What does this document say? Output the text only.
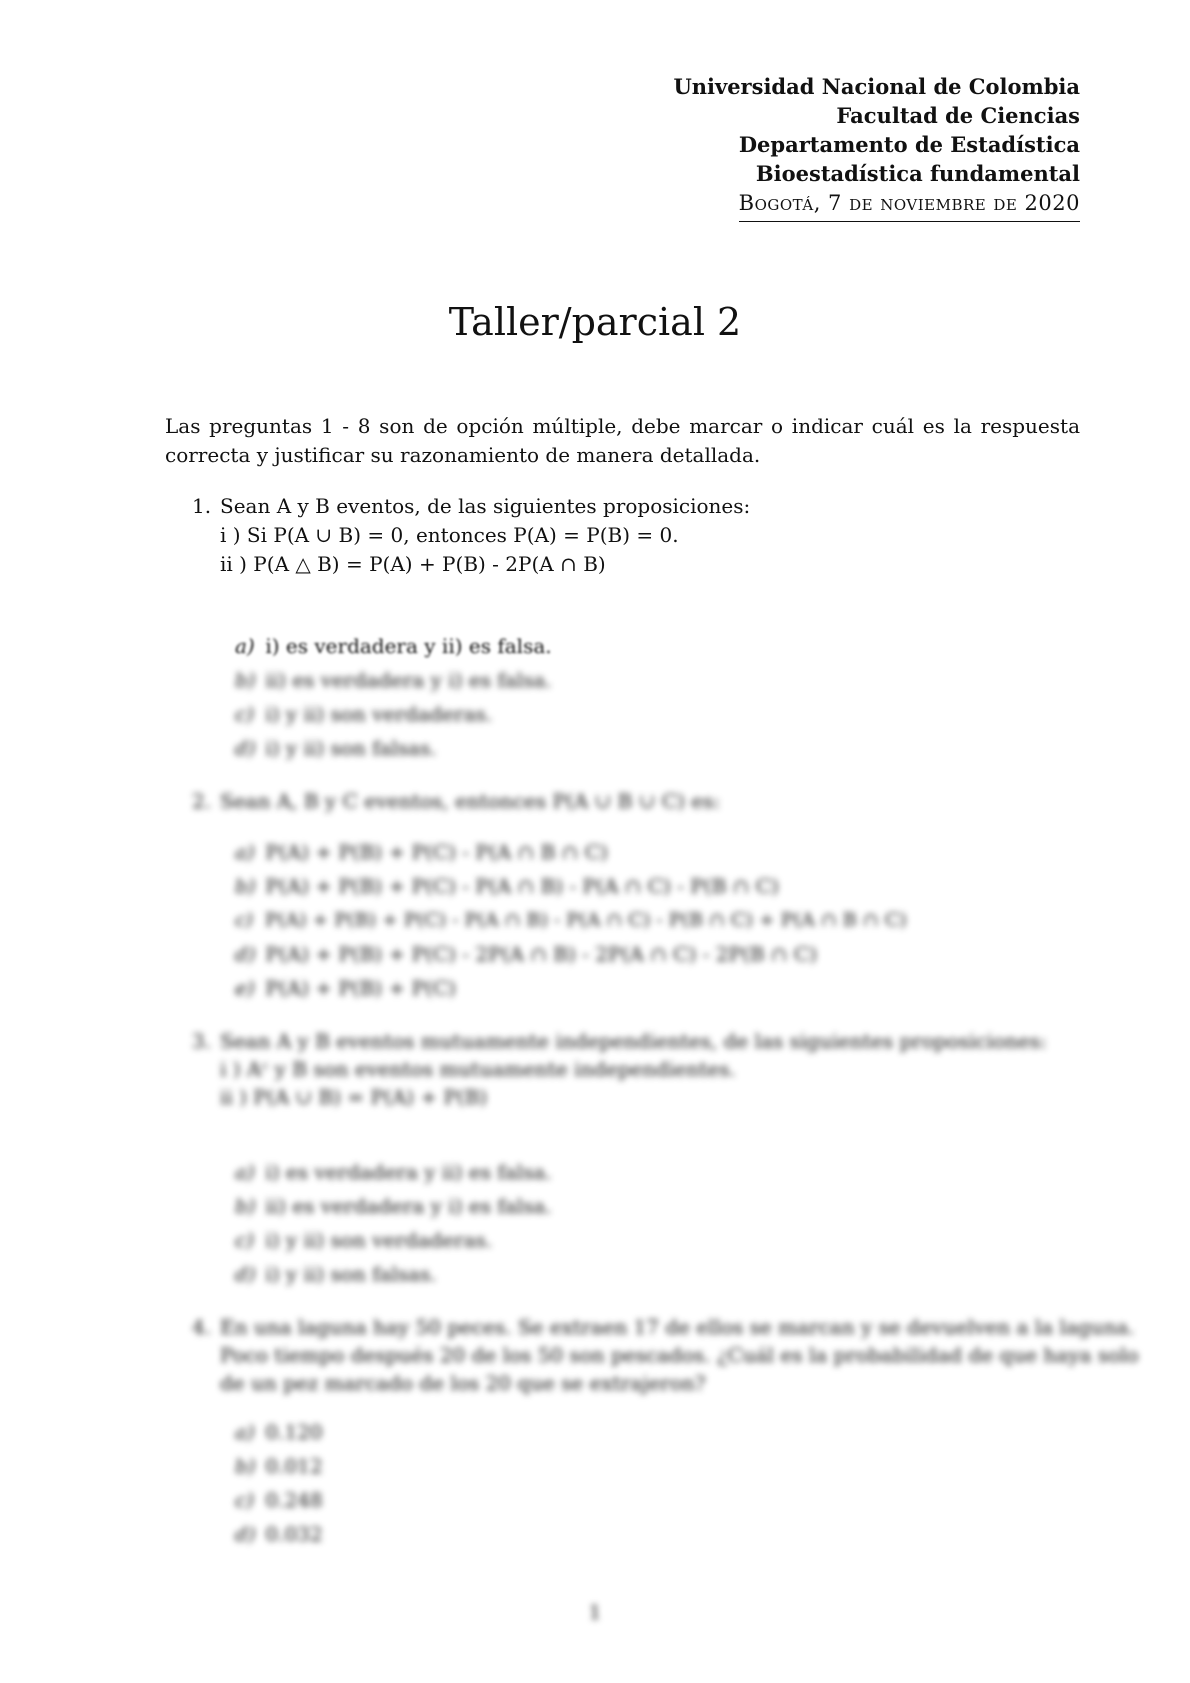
Universidad Nacional de Colombia
Facultad de Ciencias
Departamento de Estadística
Bioestadística fundamental
Bogotá, 7 de noviembre de 2020
Taller/parcial 2
Las preguntas 1 - 8 son de opción múltiple, debe marcar o indicar cuál es la respuesta correcta y justificar su razonamiento de manera detallada.
1. Sean A y B eventos, de las siguientes proposiciones:
i ) Si P(A ∪ B) = 0, entonces P(A) = P(B) = 0.
ii ) P(A △ B) = P(A) + P(B) - 2P(A ∩ B)
a) i) es verdadera y ii) es falsa.
b) ii) es verdadera y i) es falsa.
c) i) y ii) son verdaderas.
d) i) y ii) son falsas.
2. Sean A, B y C eventos, entonces P(A ∪ B ∪ C) es:
a) P(A) + P(B) + P(C) - P(A ∩ B ∩ C)
b) P(A) + P(B) + P(C) - P(A ∩ B) - P(A ∩ C) - P(B ∩ C)
c) P(A) + P(B) + P(C) - P(A ∩ B) - P(A ∩ C) - P(B ∩ C) + P(A ∩ B ∩ C)
d) P(A) + P(B) + P(C) - 2P(A ∩ B) - 2P(A ∩ C) - 2P(B ∩ C)
e) P(A) + P(B) + P(C)
3. Sean A y B eventos mutuamente independientes, de las siguientes proposiciones:
i ) Aᶜ y B son eventos mutuamente independientes.
ii ) P(A ∪ B) = P(A) + P(B)
a) i) es verdadera y ii) es falsa.
b) ii) es verdadera y i) es falsa.
c) i) y ii) son verdaderas.
d) i) y ii) son falsas.
4. En una laguna hay 50 peces. Se extraen 17 de ellos se marcan y se devuelven a la laguna.
Poco tiempo después 20 de los 50 son pescados. ¿Cuál es la probabilidad de que haya solo
de un pez marcado de los 20 que se extrajeron?
a) 0.120
b) 0.012
c) 0.248
d) 0.032
1
